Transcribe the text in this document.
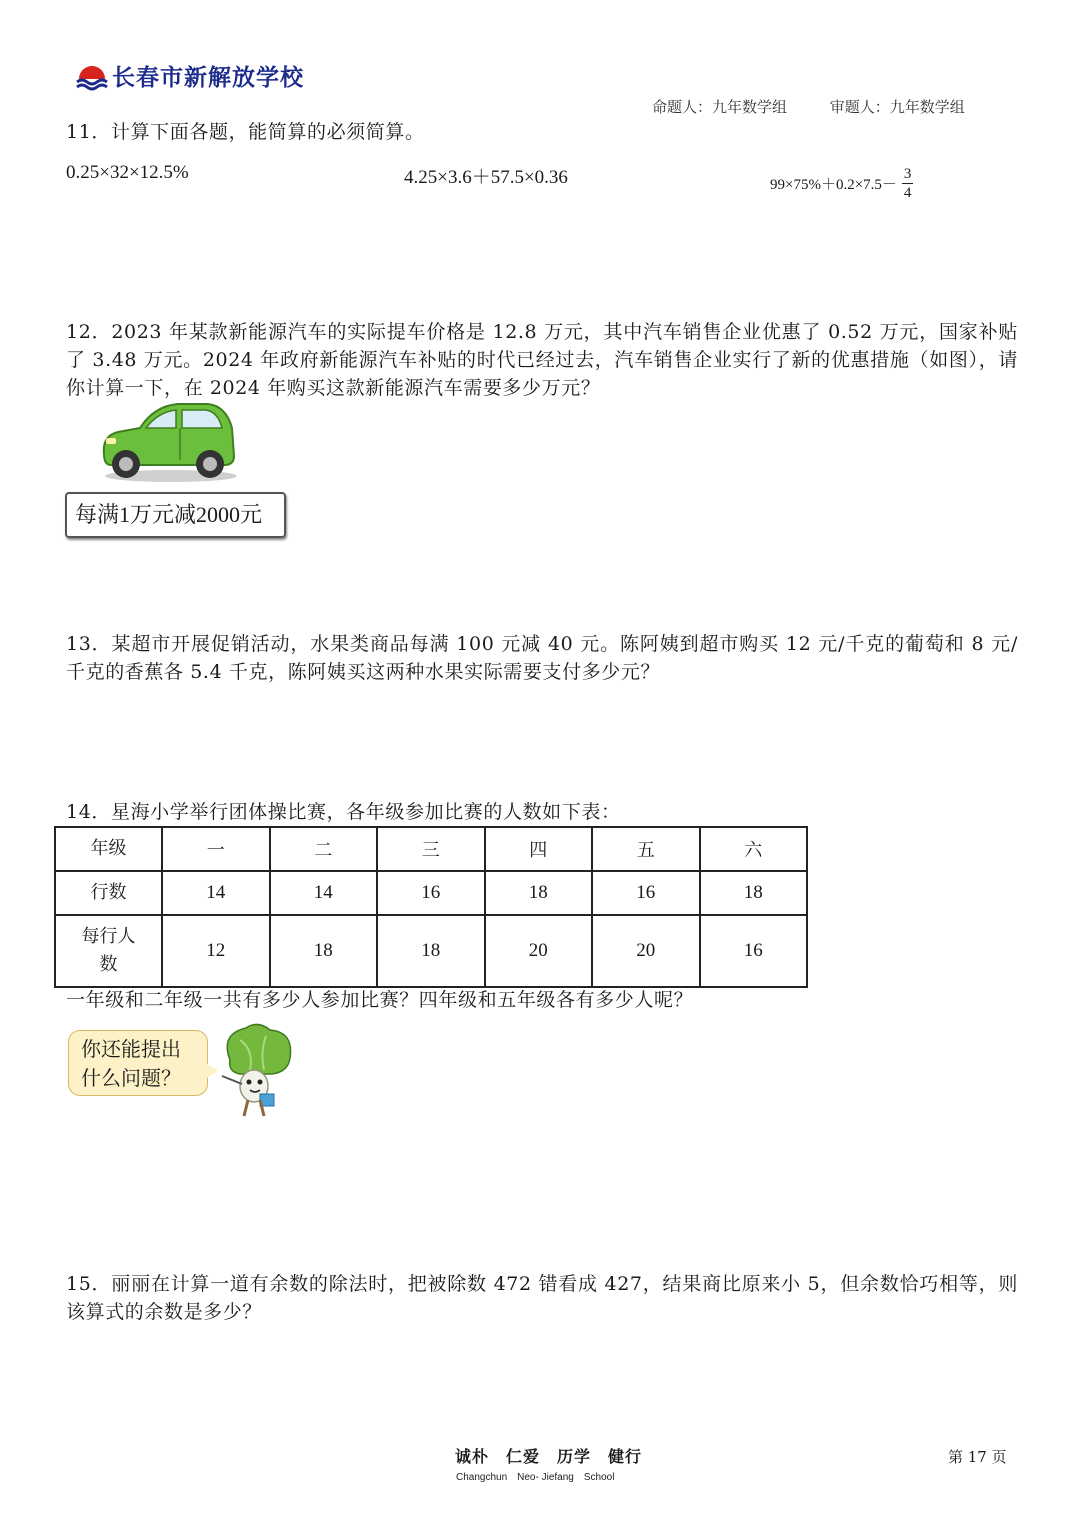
长春市新解放学校
命题人：九年数学组	审题人：九年数学组
11．计算下面各题，能简算的必须简算。
0.25×32×12.5%	4.25×3.6＋57.5×0.36	$99\times 75\%+0.2\times 7.5- \frac{3}{4}$
12．2023 年某款新能源汽车的实际提车价格是 12.8 万元，其中汽车销售企业优惠了 0.52 万元，国家补贴了 3.48 万元。2024 年政府新能源汽车补贴的时代已经过去，汽车销售企业实行了新的优惠措施（如图），请你计算一下，在 2024 年购买这款新能源汽车需要多少万元？
每满1万元减2000元
13．某超市开展促销活动，水果类商品每满 100 元减 40 元。陈阿姨到超市购买 12 元/千克的葡萄和 8 元/千克的香蕉各 5.4 千克，陈阿姨买这两种水果实际需要支付多少元？
14．星海小学举行团体操比赛，各年级参加比赛的人数如下表：
年级	一	二	三	四	五	六
行数	14	14	16	18	16	18
每行人
数	12	18	18	20	20	16
一年级和二年级一共有多少人参加比赛？四年级和五年级各有多少人呢？
你还能提出
什么问题？
15．丽丽在计算一道有余数的除法时，把被除数 472 错看成 427，结果商比原来小 5，但余数恰巧相等，则该算式的余数是多少？
诚朴　仁爱　历学　健行
Changchun　Neo- Jiefang　School
第 17 页
